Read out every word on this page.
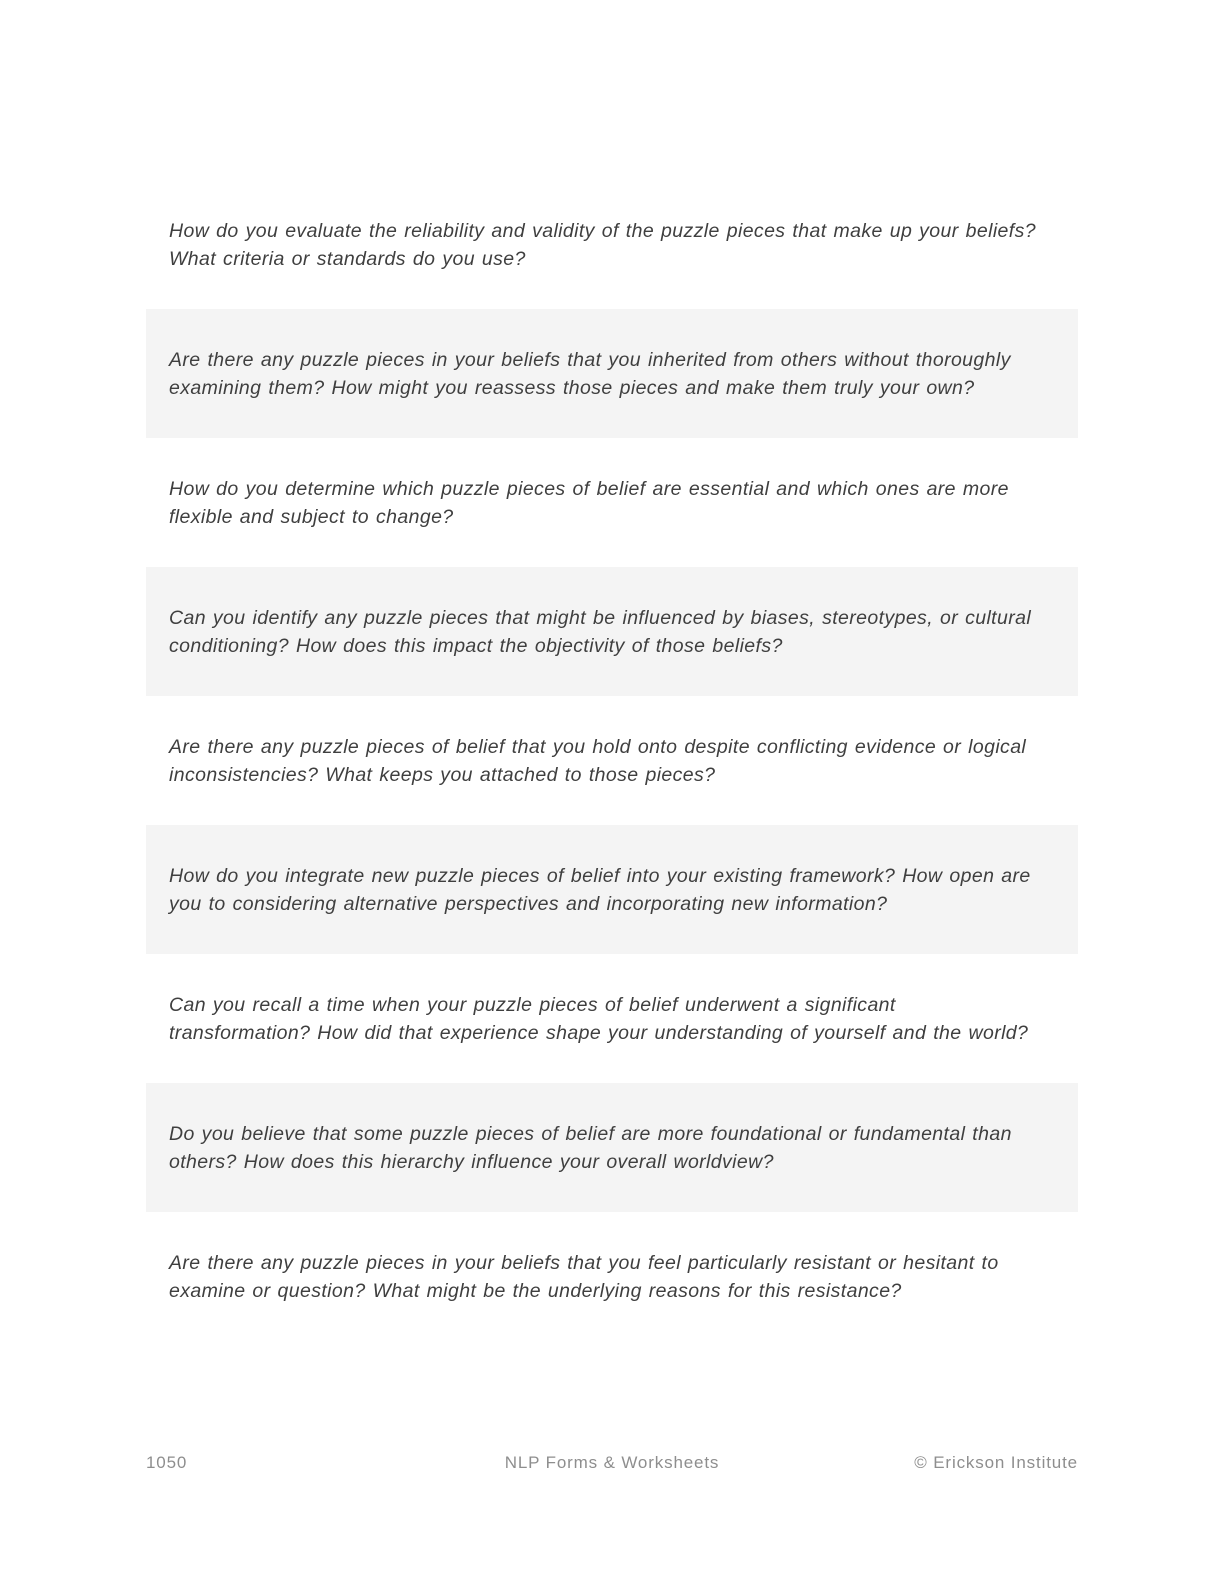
How do you evaluate the reliability and validity of the puzzle pieces that make up your beliefs? What criteria or standards do you use?

Are there any puzzle pieces in your beliefs that you inherited from others without thoroughly examining them? How might you reassess those pieces and make them truly your own?

How do you determine which puzzle pieces of belief are essential and which ones are more flexible and subject to change?

Can you identify any puzzle pieces that might be influenced by biases, stereotypes, or cultural conditioning? How does this impact the objectivity of those beliefs?

Are there any puzzle pieces of belief that you hold onto despite conflicting evidence or logical inconsistencies? What keeps you attached to those pieces?

How do you integrate new puzzle pieces of belief into your existing framework? How open are you to considering alternative perspectives and incorporating new information?

Can you recall a time when your puzzle pieces of belief underwent a significant transformation? How did that experience shape your understanding of yourself and the world?

Do you believe that some puzzle pieces of belief are more foundational or fundamental than others? How does this hierarchy influence your overall worldview?

Are there any puzzle pieces in your beliefs that you feel particularly resistant or hesitant to examine or question? What might be the underlying reasons for this resistance?

1050	NLP Forms & Worksheets	© Erickson Institute
